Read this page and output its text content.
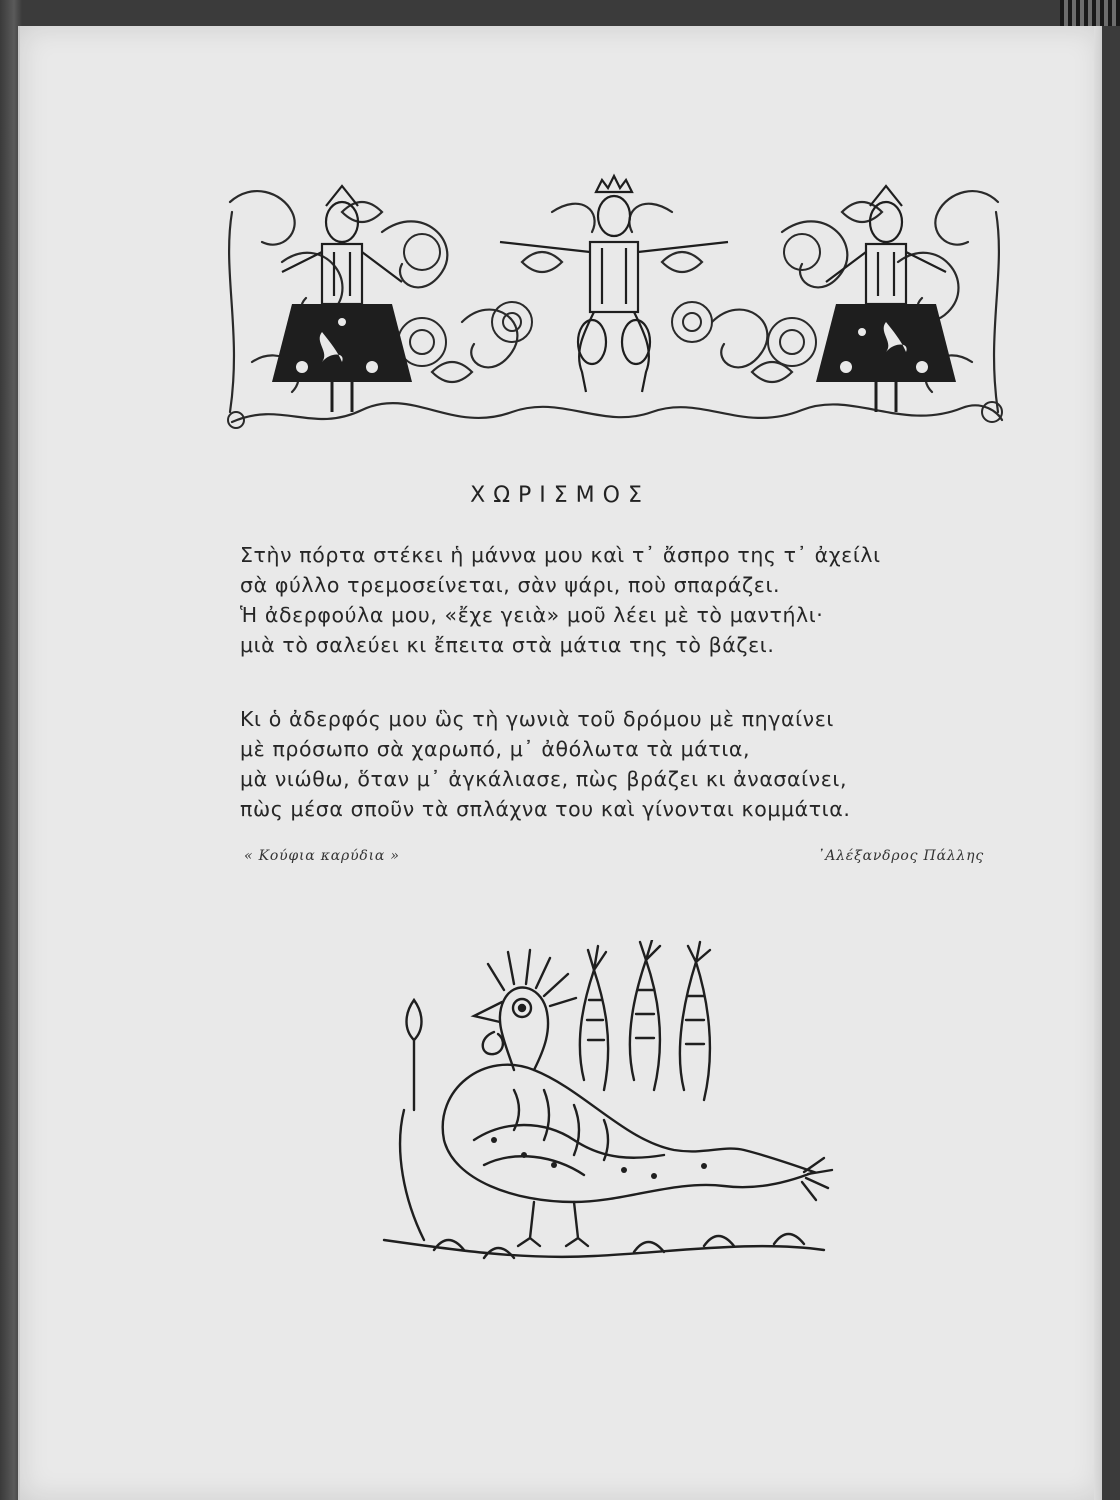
ΧΩΡΙΣΜΟΣ
Στὴν πόρτα στέκει ἡ μάννα μου καὶ τ᾽ ἄσπρο της τ᾽ ἀχείλι
σὰ φύλλο τρεμοσείνεται, σὰν ψάρι, ποὺ σπαράζει.
Ἡ ἀδερφούλα μου, «ἔχε γειὰ» μοῦ λέει μὲ τὸ μαντήλι·
μιὰ τὸ σαλεύει κι ἔπειτα στὰ μάτια της τὸ βάζει.
Κι ὁ ἀδερφός μου ὣς τὴ γωνιὰ τοῦ δρόμου μὲ πηγαίνει
μὲ πρόσωπο σὰ χαρωπό, μ᾽ ἀθόλωτα τὰ μάτια,
μὰ νιώθω, ὅταν μ᾽ ἀγκάλιασε, πὼς βράζει κι ἀνασαίνει,
πὼς μέσα σποῦν τὰ σπλάχνα του καὶ γίνονται κομμάτια.
« Κούφια καρύδια »	᾽Αλέξανδρος Πάλλης
